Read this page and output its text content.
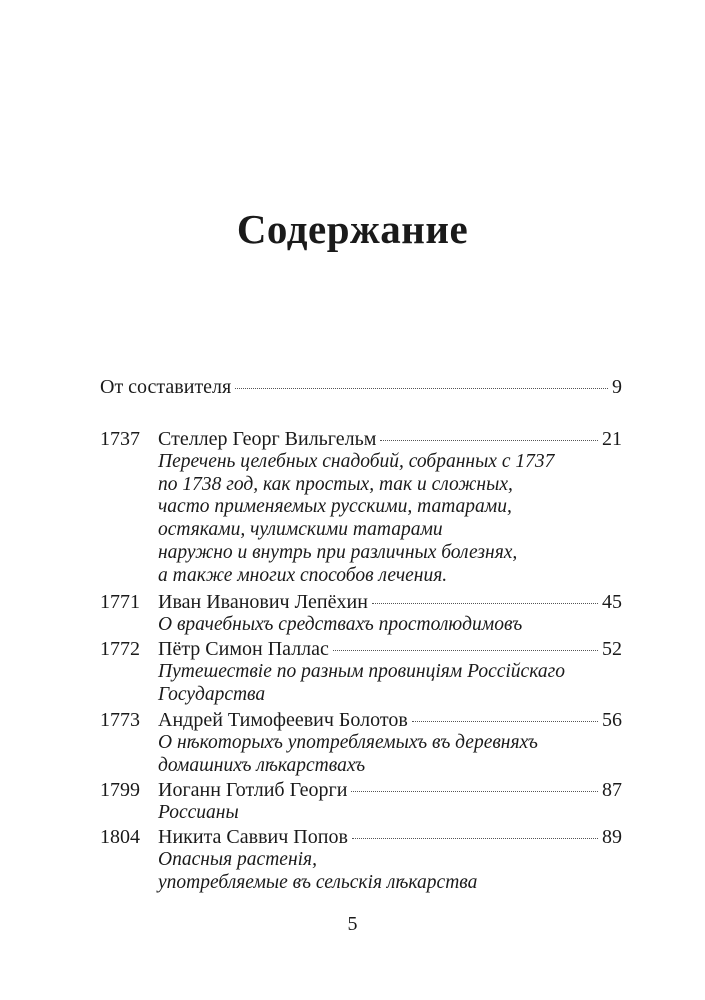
Содержание
От составителя	9
1737 Стеллер Георг Вильгельм	21
Перечень целебных снадобий, собранных с 1737
по 1738 год, как простых, так и сложных,
часто применяемых русскими, татарами,
остяками, чулимскими татарами
наружно и внутрь при различных болезнях,
а также многих способов лечения.
1771 Иван Иванович Лепёхин	45
О врачебныхъ средствахъ простолюдимовъ
1772 Пётр Симон Паллас	52
Путешествіе по разным провинціям Россійскаго
Государства
1773 Андрей Тимофеевич Болотов	56
О нѣкоторыхъ употребляемыхъ въ деревняхъ
домашнихъ лѣкарствахъ
1799 Иоганн Готлиб Георги	87
Россианы
1804 Никита Саввич Попов	89
Опасныя растенія,
употребляемые въ сельскія лѣкарства
5
